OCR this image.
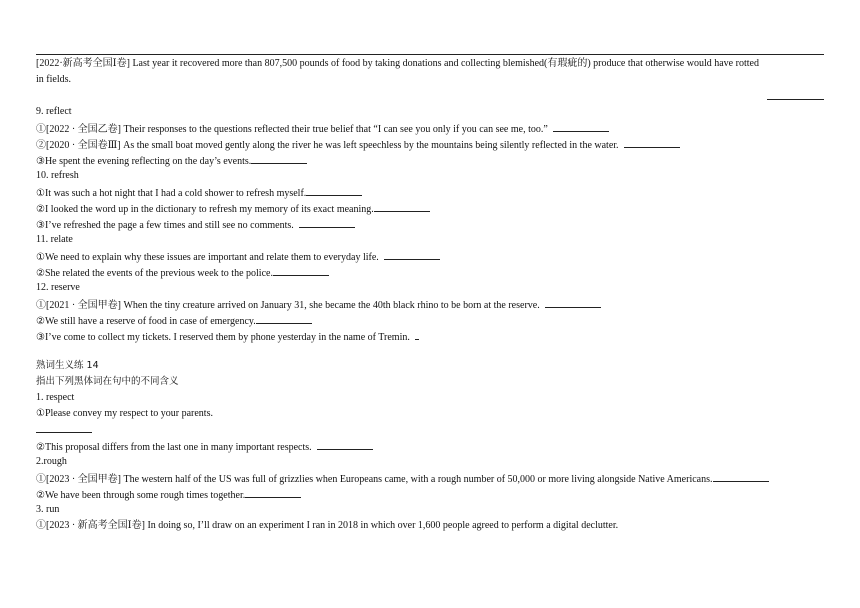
[2022·新高考全国Ⅰ卷] Last year it recovered more than 807,500 pounds of food by taking donations and collecting blemished(有瑕疵的) produce that otherwise would have rotted
in fields.
9. reflect
①[2022 · 全国乙卷] Their responses to the questions reflected their true belief that “I can see you only if you can see me, too.”
②[2020 · 全国卷Ⅲ] As the small boat moved gently along the river he was left speechless by the mountains being silently reflected in the water.
③He spent the evening reflecting on the day’s events.
10. refresh
①It was such a hot night that I had a cold shower to refresh myself.
②I looked the word up in the dictionary to refresh my memory of its exact meaning.
③I’ve refreshed the page a few times and still see no comments.
11. relate
①We need to explain why these issues are important and relate them to everyday life.
②She related the events of the previous week to the police.
12. reserve
①[2021 · 全国甲卷] When the tiny creature arrived on January 31, she became the 40th black rhino to be born at the reserve.
②We still have a reserve of food in case of emergency.
③I’ve come to collect my tickets. I reserved them by phone yesterday in the name of Tremin.
熟词生义练 14
指出下列黑体词在句中的不同含义
1. respect
①Please convey my respect to your parents.
②This proposal differs from the last one in many important respects.
2.rough
①[2023 · 全国甲卷] The western half of the US was full of grizzlies when Europeans came, with a rough number of 50,000 or more living alongside Native Americans.
②We have been through some rough times together.
3. run
①[2023 · 新高考全国Ⅰ卷] In doing so, I’ll draw on an experiment I ran in 2018 in which over 1,600 people agreed to perform a digital declutter.
